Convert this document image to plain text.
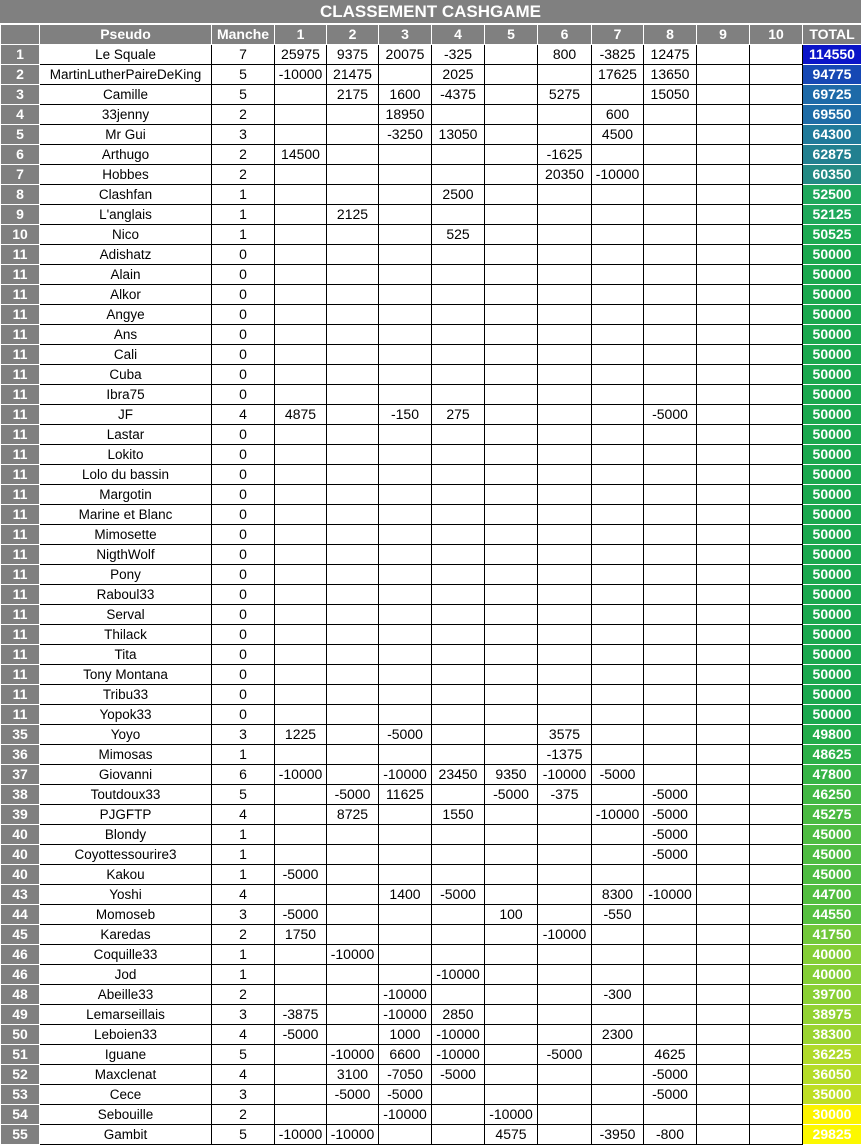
CLASSEMENT CASHGAME
	Pseudo	Manche	1	2	3	4	5	6	7	8	9	10	TOTAL
1	Le Squale	7	25975	9375	20075	-325		800	-3825	12475			114550
2	MartinLutherPaireDeKing	5	-10000	21475		2025			17625	13650			94775
3	Camille	5		2175	1600	-4375		5275		15050			69725
4	33jenny	2			18950				600				69550
5	Mr Gui	3			-3250	13050			4500				64300
6	Arthugo	2	14500					-1625					62875
7	Hobbes	2						20350	-10000				60350
8	Clashfan	1				2500							52500
9	L'anglais	1		2125									52125
10	Nico	1				525							50525
11	Adishatz	0											50000
11	Alain	0											50000
11	Alkor	0											50000
11	Angye	0											50000
11	Ans	0											50000
11	Cali	0											50000
11	Cuba	0											50000
11	Ibra75	0											50000
11	JF	4	4875		-150	275				-5000			50000
11	Lastar	0											50000
11	Lokito	0											50000
11	Lolo du bassin	0											50000
11	Margotin	0											50000
11	Marine et Blanc	0											50000
11	Mimosette	0											50000
11	NigthWolf	0											50000
11	Pony	0											50000
11	Raboul33	0											50000
11	Serval	0											50000
11	Thilack	0											50000
11	Tita	0											50000
11	Tony Montana	0											50000
11	Tribu33	0											50000
11	Yopok33	0											50000
35	Yoyo	3	1225		-5000			3575					49800
36	Mimosas	1						-1375					48625
37	Giovanni	6	-10000		-10000	23450	9350	-10000	-5000				47800
38	Toutdoux33	5		-5000	11625		-5000	-375		-5000			46250
39	PJGFTP	4		8725		1550			-10000	-5000			45275
40	Blondy	1								-5000			45000
40	Coyottessourire3	1								-5000			45000
40	Kakou	1	-5000										45000
43	Yoshi	4			1400	-5000			8300	-10000			44700
44	Momoseb	3	-5000				100		-550				44550
45	Karedas	2	1750					-10000					41750
46	Coquille33	1		-10000									40000
46	Jod	1				-10000							40000
48	Abeille33	2			-10000				-300				39700
49	Lemarseillais	3	-3875		-10000	2850							38975
50	Leboien33	4	-5000		1000	-10000			2300				38300
51	Iguane	5		-10000	6600	-10000		-5000		4625			36225
52	Maxclenat	4		3100	-7050	-5000				-5000			36050
53	Cece	3		-5000	-5000					-5000			35000
54	Sebouille	2			-10000		-10000						30000
55	Gambit	5	-10000	-10000			4575		-3950	-800			29825
